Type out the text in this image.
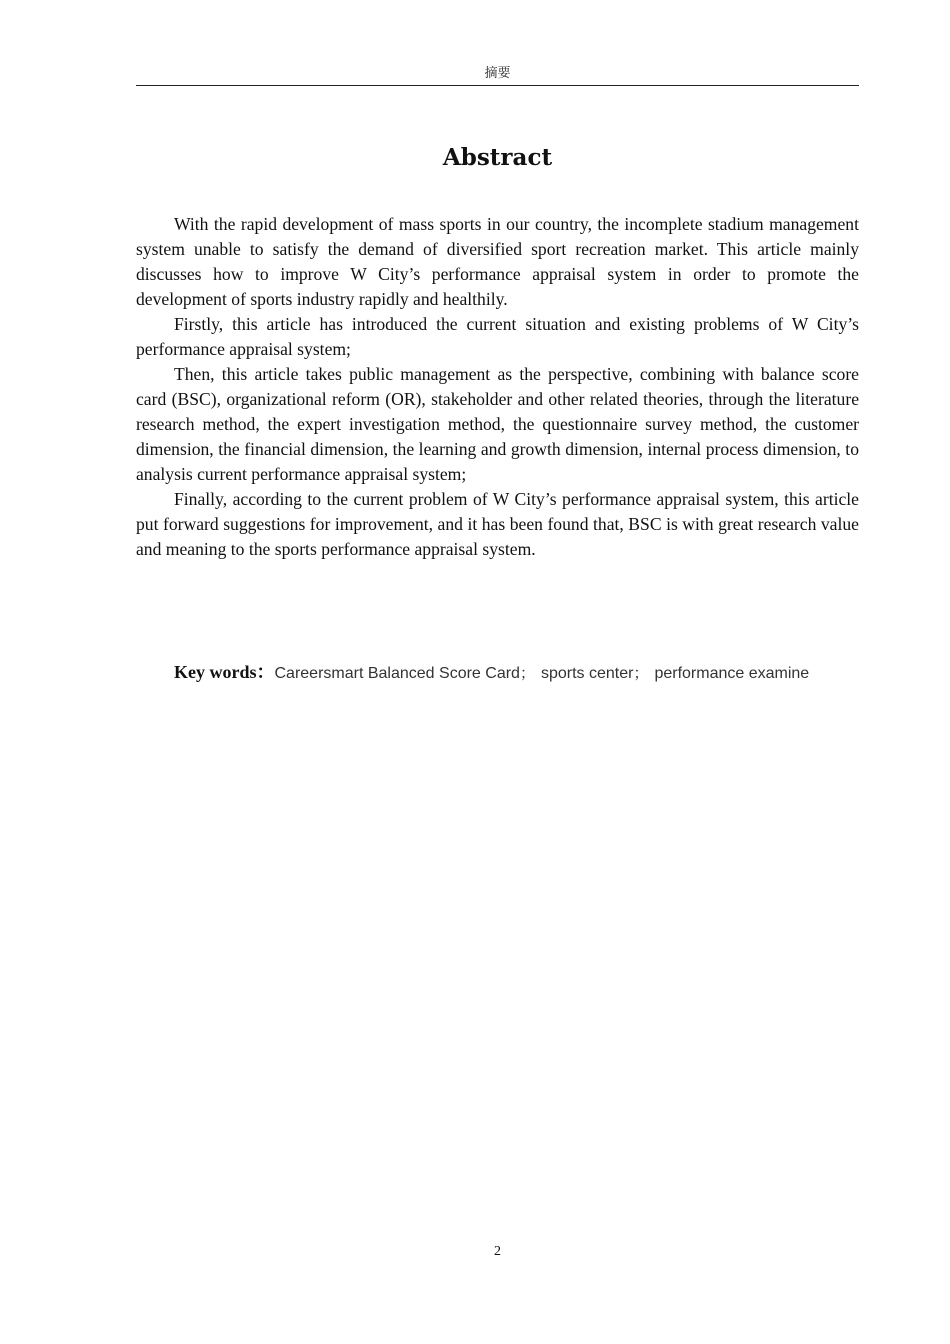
摘要
Abstract

With the rapid development of mass sports in our country, the incomplete stadium management system unable to satisfy the demand of diversified sport recreation market. This article mainly discusses how to improve W City’s performance appraisal system in order to promote the development of sports industry rapidly and healthily.

Firstly, this article has introduced the current situation and existing problems of W City’s performance appraisal system;

Then, this article takes public management as the perspective, combining with balance score card (BSC), organizational reform (OR), stakeholder and other related theories, through the literature research method, the expert investigation method, the questionnaire survey method, the customer dimension, the financial dimension, the learning and growth dimension, internal process dimension, to analysis current performance appraisal system;

Finally, according to the current problem of W City’s performance appraisal system, this article put forward suggestions for improvement, and it has been found that, BSC is with great research value and meaning to the sports performance appraisal system.

Key words：Careersmart Balanced Score Card； sports center； performance examine
2
